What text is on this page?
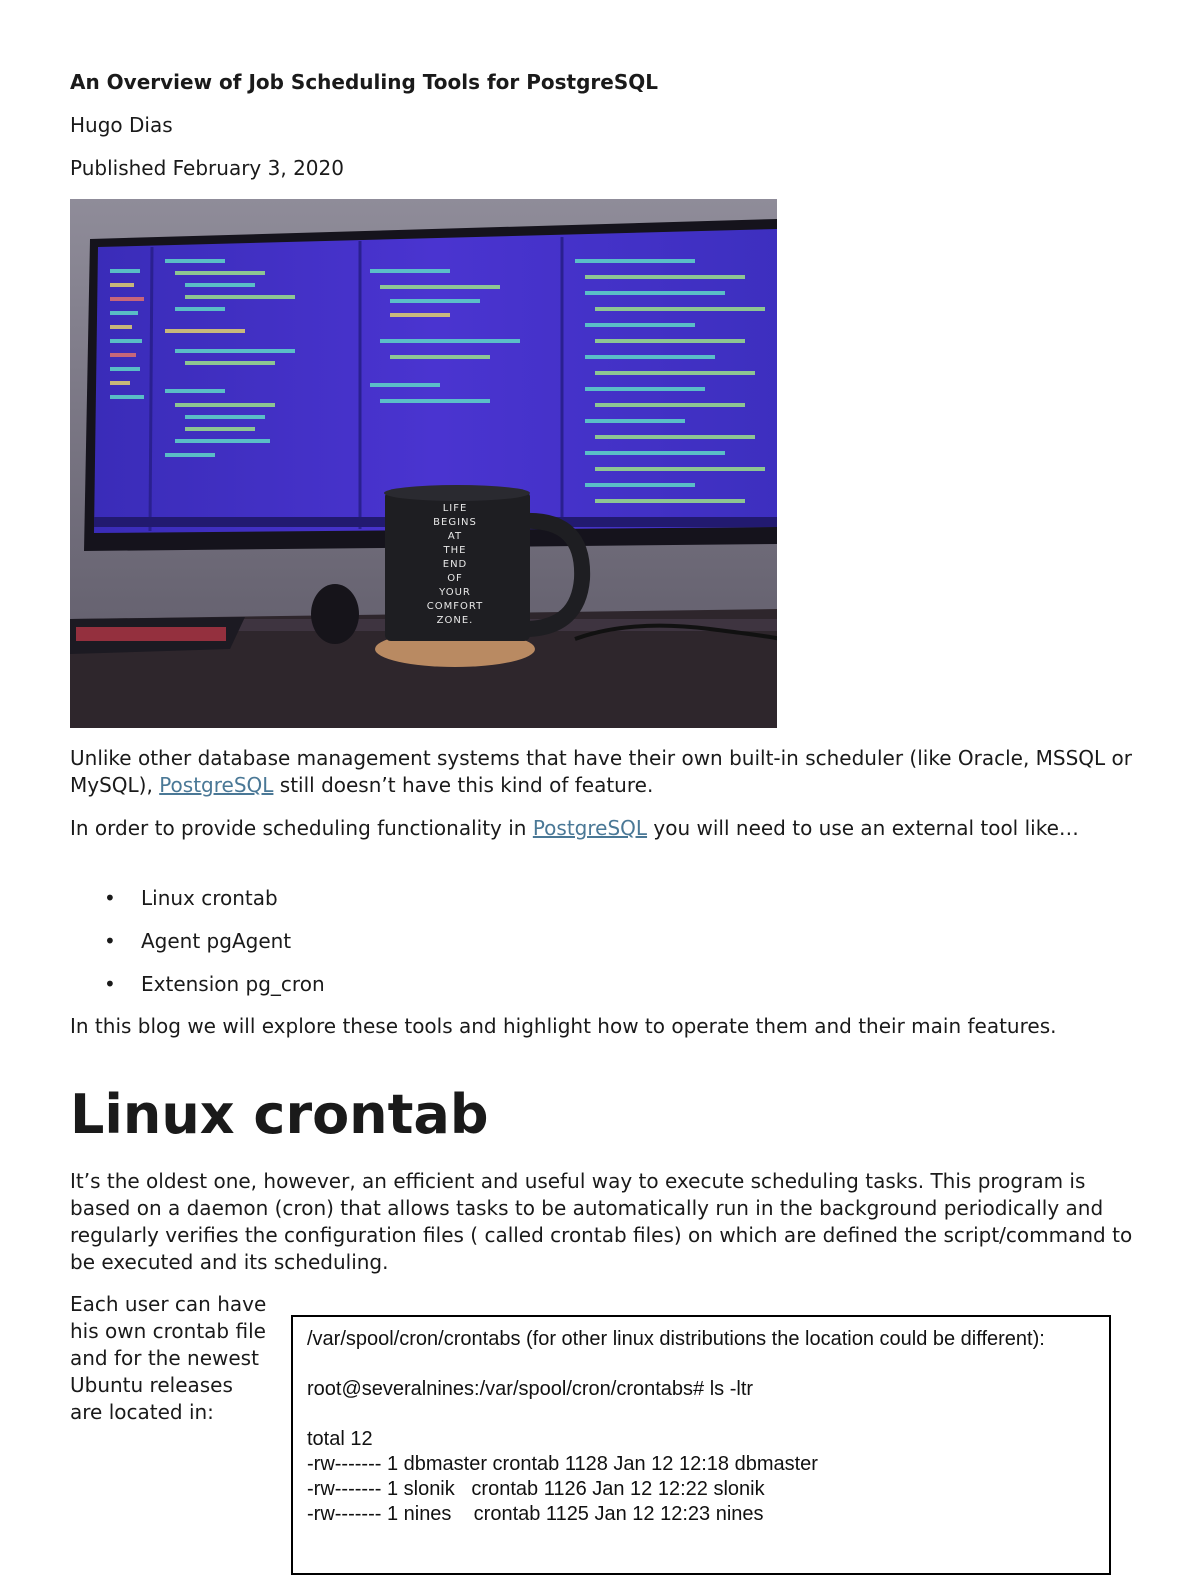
An Overview of Job Scheduling Tools for PostgreSQL
Hugo Dias
Published February 3, 2020
LIFE
BEGINS
AT
THE
END
OF
YOUR
COMFORT
ZONE.

Unlike other database management systems that have their own built-in scheduler (like Oracle, MSSQL or MySQL), PostgreSQL still doesn’t have this kind of feature.

In order to provide scheduling functionality in PostgreSQL you will need to use an external tool like…

• Linux crontab
• Agent pgAgent
• Extension pg_cron

In this blog we will explore these tools and highlight how to operate them and their main features.

Linux crontab

It’s the oldest one, however, an efficient and useful way to execute scheduling tasks. This program is based on a daemon (cron) that allows tasks to be automatically run in the background periodically and regularly verifies the configuration files ( called crontab files) on which are defined the script/command to be executed and its scheduling.

Each user can have his own crontab file and for the newest Ubuntu releases are located in:

/var/spool/cron/crontabs (for other linux distributions the location could be different):
root@severalnines:/var/spool/cron/crontabs# ls -ltr
total 12
-rw------- 1 dbmaster crontab 1128 Jan 12 12:18 dbmaster
-rw------- 1 slonik   crontab 1126 Jan 12 12:22 slonik
-rw------- 1 nines    crontab 1125 Jan 12 12:23 nines
